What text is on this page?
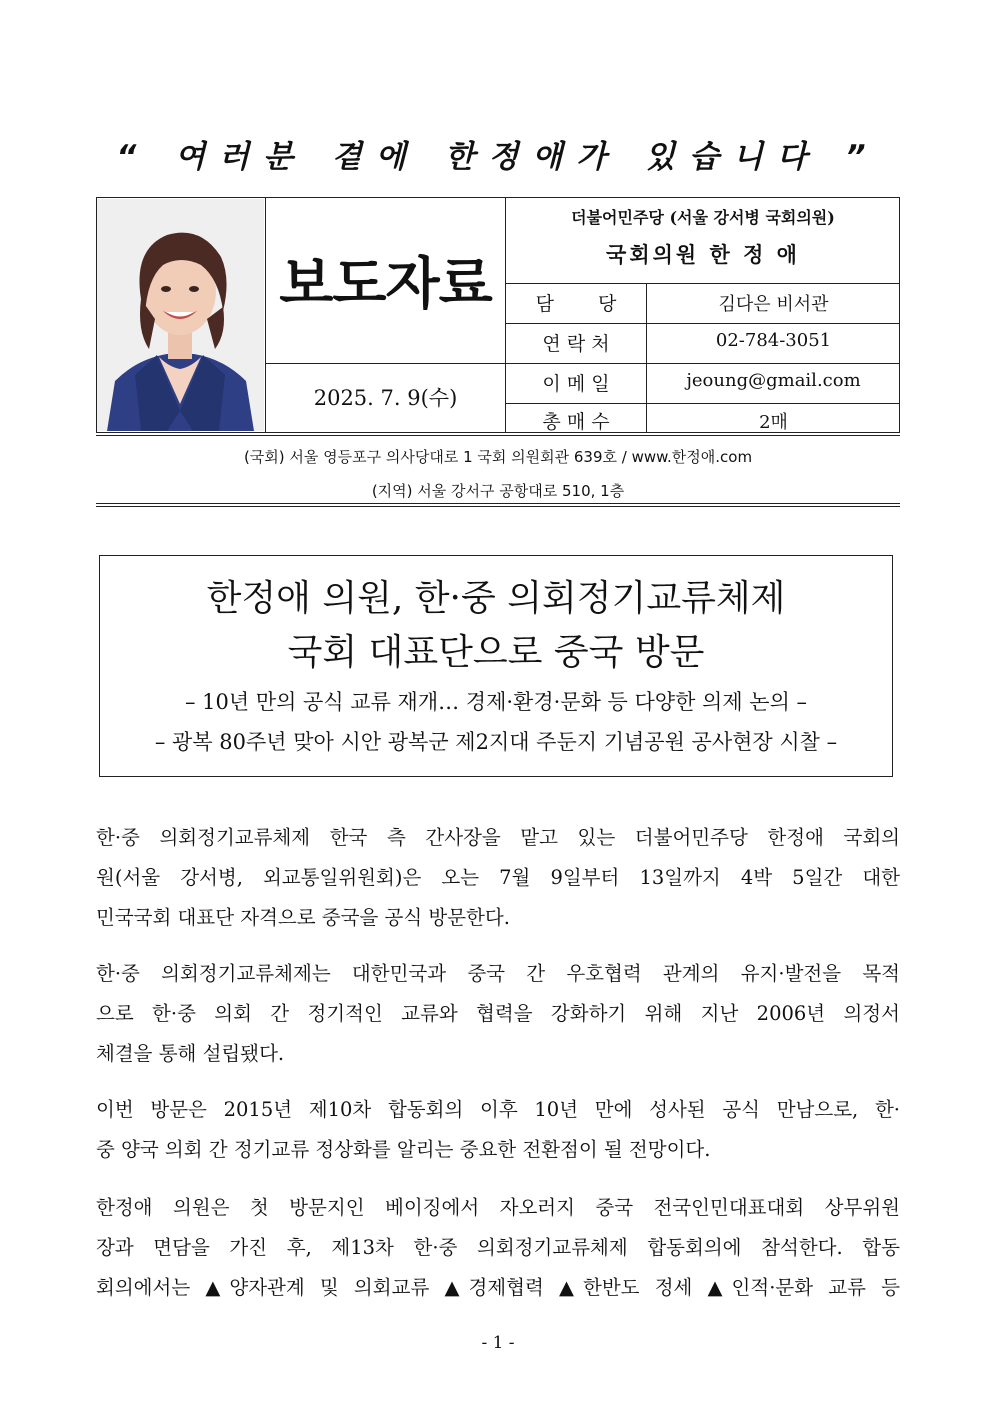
“ 여러분 곁에 한정애가 있습니다 ”
보도자료
2025. 7. 9(수)
더불어민주당 (서울 강서병 국회의원)
국회의원 한 정 애
담　 　당	김다은 비서관
연 락 처	02-784-3051
이 메 일	jeoung@gmail.com
총 매 수	2매
(국회) 서울 영등포구 의사당대로 1 국회 의원회관 639호 / www.한정애.com
(지역) 서울 강서구 공항대로 510, 1층
한정애 의원, 한·중 의회정기교류체제
국회 대표단으로 중국 방문
– 10년 만의 공식 교류 재개… 경제·환경·문화 등 다양한 의제 논의 –
– 광복 80주년 맞아 시안 광복군 제2지대 주둔지 기념공원 공사현장 시찰 –
한·중 의회정기교류체제 한국 측 간사장을 맡고 있는 더불어민주당 한정애 국회의
원(서울 강서병, 외교통일위원회)은 오는 7월 9일부터 13일까지 4박 5일간 대한
민국국회 대표단 자격으로 중국을 공식 방문한다.
한·중 의회정기교류체제는 대한민국과 중국 간 우호협력 관계의 유지·발전을 목적
으로 한·중 의회 간 정기적인 교류와 협력을 강화하기 위해 지난 2006년 의정서
체결을 통해 설립됐다.
이번 방문은 2015년 제10차 합동회의 이후 10년 만에 성사된 공식 만남으로, 한·
중 양국 의회 간 정기교류 정상화를 알리는 중요한 전환점이 될 전망이다.
한정애 의원은 첫 방문지인 베이징에서 자오러지 중국 전국인민대표대회 상무위원
장과 면담을 가진 후, 제13차 한·중 의회정기교류체제 합동회의에 참석한다. 합동
회의에서는 ▲양자관계 및 의회교류 ▲경제협력 ▲한반도 정세 ▲인적·문화 교류 등
- 1 -
